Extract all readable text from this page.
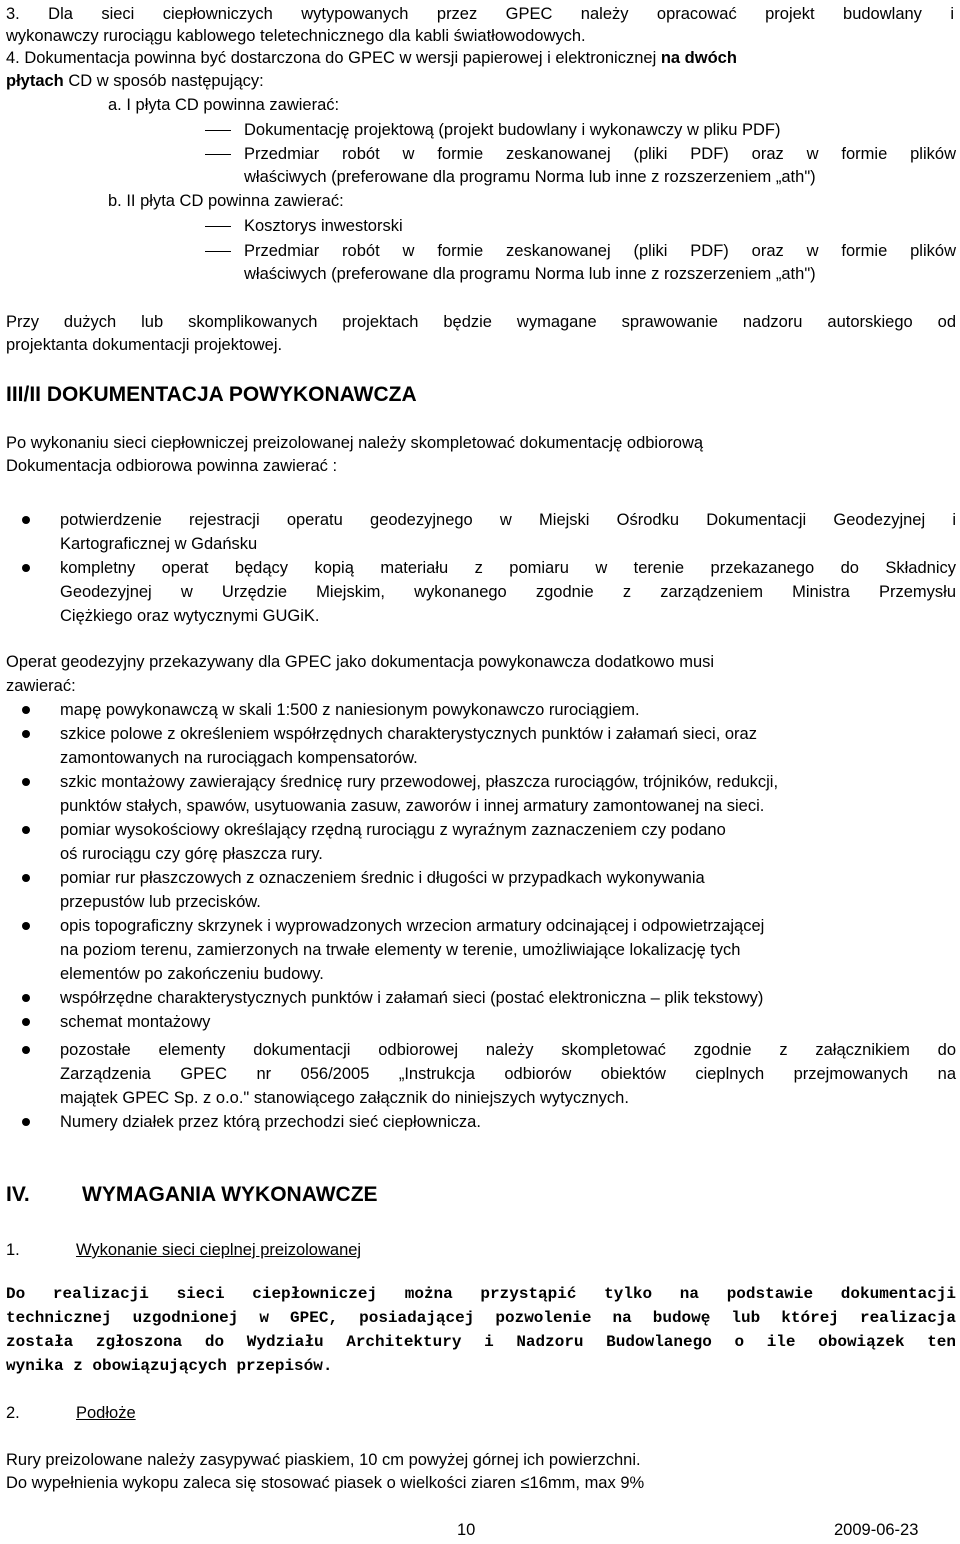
3. Dla sieci ciepłowniczych wytypowanych przez GPEC należy opracować projekt budowlany i
wykonawczy rurociągu kablowego teletechnicznego dla kabli światłowodowych.
4. Dokumentacja powinna być dostarczona do GPEC w wersji papierowej i elektronicznej na dwóch
płytach CD w sposób następujący:
a. I płyta CD powinna zawierać:
Dokumentację projektową (projekt budowlany i wykonawczy w pliku PDF)
Przedmiar robót w formie zeskanowanej (pliki PDF) oraz w formie plików
właściwych (preferowane dla programu Norma lub inne z rozszerzeniem „ath")
b. II płyta CD powinna zawierać:
Kosztorys inwestorski
Przedmiar robót w formie zeskanowanej (pliki PDF) oraz w formie plików
właściwych (preferowane dla programu Norma lub inne z rozszerzeniem „ath")
Przy dużych lub skomplikowanych projektach będzie wymagane sprawowanie nadzoru autorskiego od
projektanta dokumentacji projektowej.
III/II DOKUMENTACJA POWYKONAWCZA
Po wykonaniu sieci ciepłowniczej preizolowanej należy skompletować dokumentację odbiorową
Dokumentacja odbiorowa powinna zawierać :
potwierdzenie rejestracji operatu geodezyjnego w Miejski Ośrodku Dokumentacji Geodezyjnej i
Kartograficznej w Gdańsku
kompletny operat będący kopią materiału z pomiaru w terenie przekazanego do Składnicy
Geodezyjnej w Urzędzie Miejskim, wykonanego zgodnie z zarządzeniem Ministra Przemysłu
Ciężkiego oraz wytycznymi GUGiK.
Operat geodezyjny przekazywany dla GPEC jako dokumentacja powykonawcza dodatkowo musi
zawierać:
mapę powykonawczą w skali 1:500 z naniesionym powykonawczo rurociągiem.
szkice polowe z określeniem współrzędnych charakterystycznych punktów i załamań sieci, oraz
zamontowanych na rurociągach kompensatorów.
szkic montażowy zawierający średnicę rury przewodowej, płaszcza rurociągów, trójników, redukcji,
punktów stałych, spawów, usytuowania zasuw, zaworów i innej armatury zamontowanej na sieci.
pomiar wysokościowy określający rzędną rurociągu z wyraźnym zaznaczeniem czy podano
oś rurociągu czy górę płaszcza rury.
pomiar rur płaszczowych z oznaczeniem średnic i długości w przypadkach wykonywania
przepustów lub przecisków.
opis topograficzny skrzynek i wyprowadzonych wrzecion armatury odcinającej i odpowietrzającej
na poziom terenu, zamierzonych na trwałe elementy w terenie, umożliwiające lokalizację tych
elementów po zakończeniu budowy.
współrzędne charakterystycznych punktów i załamań sieci (postać elektroniczna – plik tekstowy)
schemat montażowy
pozostałe elementy dokumentacji odbiorowej należy skompletować zgodnie z załącznikiem do
Zarządzenia GPEC nr 056/2005 „Instrukcja odbiorów obiektów cieplnych przejmowanych na
majątek GPEC Sp. z o.o." stanowiącego załącznik do niniejszych wytycznych.
Numery działek przez którą przechodzi sieć ciepłownicza.
IV. WYMAGANIA WYKONAWCZE
1.	Wykonanie sieci cieplnej preizolowanej
Do realizacji sieci ciepłowniczej można przystąpić tylko na podstawie dokumentacji
technicznej uzgodnionej w GPEC, posiadającej pozwolenie na budowę lub której realizacja
została zgłoszona do Wydziału Architektury i Nadzoru Budowlanego o ile obowiązek ten
wynika z obowiązujących przepisów.
2.	Podłoże
Rury preizolowane należy zasypywać piaskiem, 10 cm powyżej górnej ich powierzchni.
Do wypełnienia wykopu zaleca się stosować piasek o wielkości ziaren ≤16mm, max 9%
10	2009-06-23
